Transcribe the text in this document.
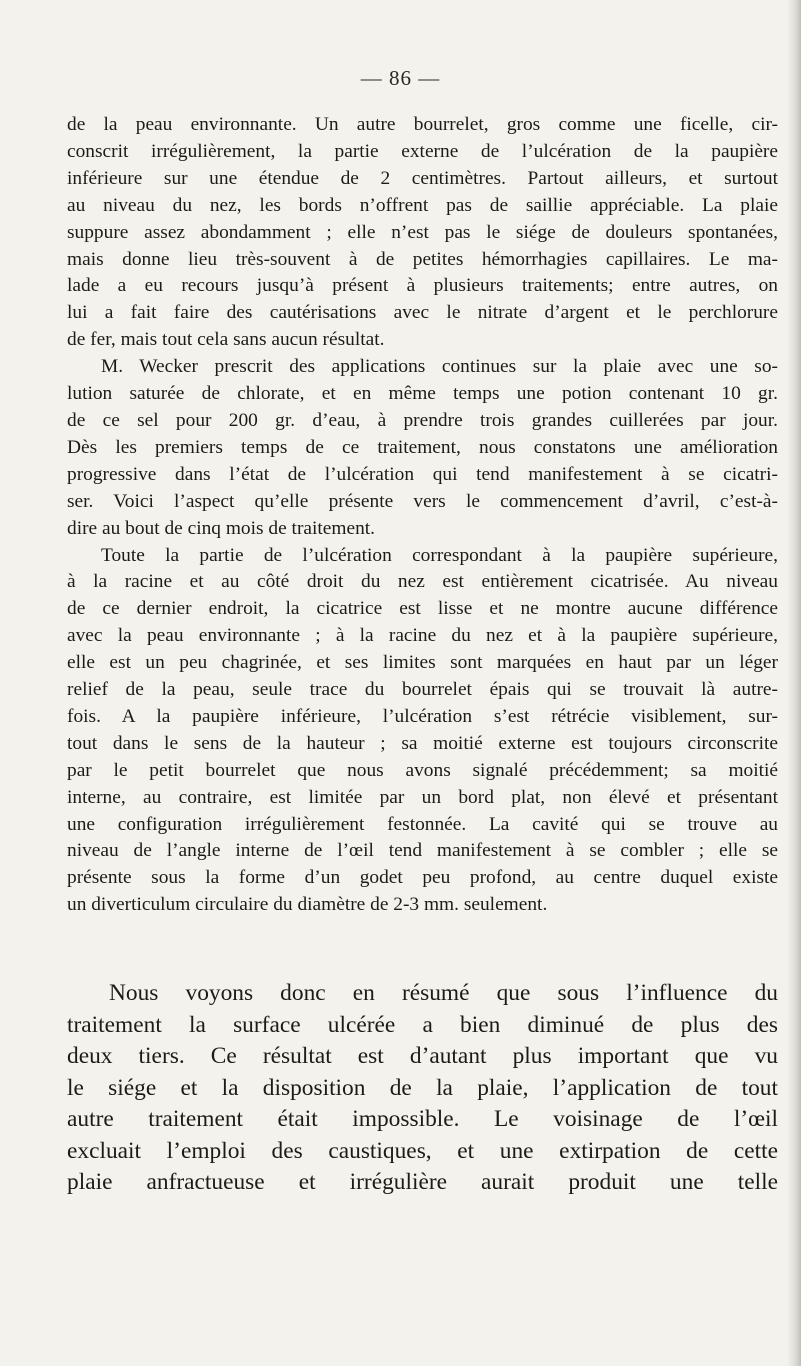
— 86 —
de la peau environnante. Un autre bourrelet, gros comme une ficelle, cir-
conscrit irrégulièrement, la partie externe de l’ulcération de la paupière
inférieure sur une étendue de 2 centimètres. Partout ailleurs, et surtout
au niveau du nez, les bords n’offrent pas de saillie appréciable. La plaie
suppure assez abondamment ; elle n’est pas le siége de douleurs spontanées,
mais donne lieu très-souvent à de petites hémorrhagies capillaires. Le ma-
lade a eu recours jusqu’à présent à plusieurs traitements; entre autres, on
lui a fait faire des cautérisations avec le nitrate d’argent et le perchlorure
de fer, mais tout cela sans aucun résultat.
M. Wecker prescrit des applications continues sur la plaie avec une so-
lution saturée de chlorate, et en même temps une potion contenant 10 gr.
de ce sel pour 200 gr. d’eau, à prendre trois grandes cuillerées par jour.
Dès les premiers temps de ce traitement, nous constatons une amélioration
progressive dans l’état de l’ulcération qui tend manifestement à se cicatri-
ser. Voici l’aspect qu’elle présente vers le commencement d’avril, c’est-à-
dire au bout de cinq mois de traitement.
Toute la partie de l’ulcération correspondant à la paupière supérieure,
à la racine et au côté droit du nez est entièrement cicatrisée. Au niveau
de ce dernier endroit, la cicatrice est lisse et ne montre aucune différence
avec la peau environnante ; à la racine du nez et à la paupière supérieure,
elle est un peu chagrinée, et ses limites sont marquées en haut par un léger
relief de la peau, seule trace du bourrelet épais qui se trouvait là autre-
fois. A la paupière inférieure, l’ulcération s’est rétrécie visiblement, sur-
tout dans le sens de la hauteur ; sa moitié externe est toujours circonscrite
par le petit bourrelet que nous avons signalé précédemment; sa moitié
interne, au contraire, est limitée par un bord plat, non élevé et présentant
une configuration irrégulièrement festonnée. La cavité qui se trouve au
niveau de l’angle interne de l’œil tend manifestement à se combler ; elle se
présente sous la forme d’un godet peu profond, au centre duquel existe
un diverticulum circulaire du diamètre de 2-3 mm. seulement.
Nous voyons donc en résumé que sous l’influence du
traitement la surface ulcérée a bien diminué de plus des
deux tiers. Ce résultat est d’autant plus important que vu
le siége et la disposition de la plaie, l’application de tout
autre traitement était impossible. Le voisinage de l’œil
excluait l’emploi des caustiques, et une extirpation de cette
plaie anfractueuse et irrégulière aurait produit une telle
